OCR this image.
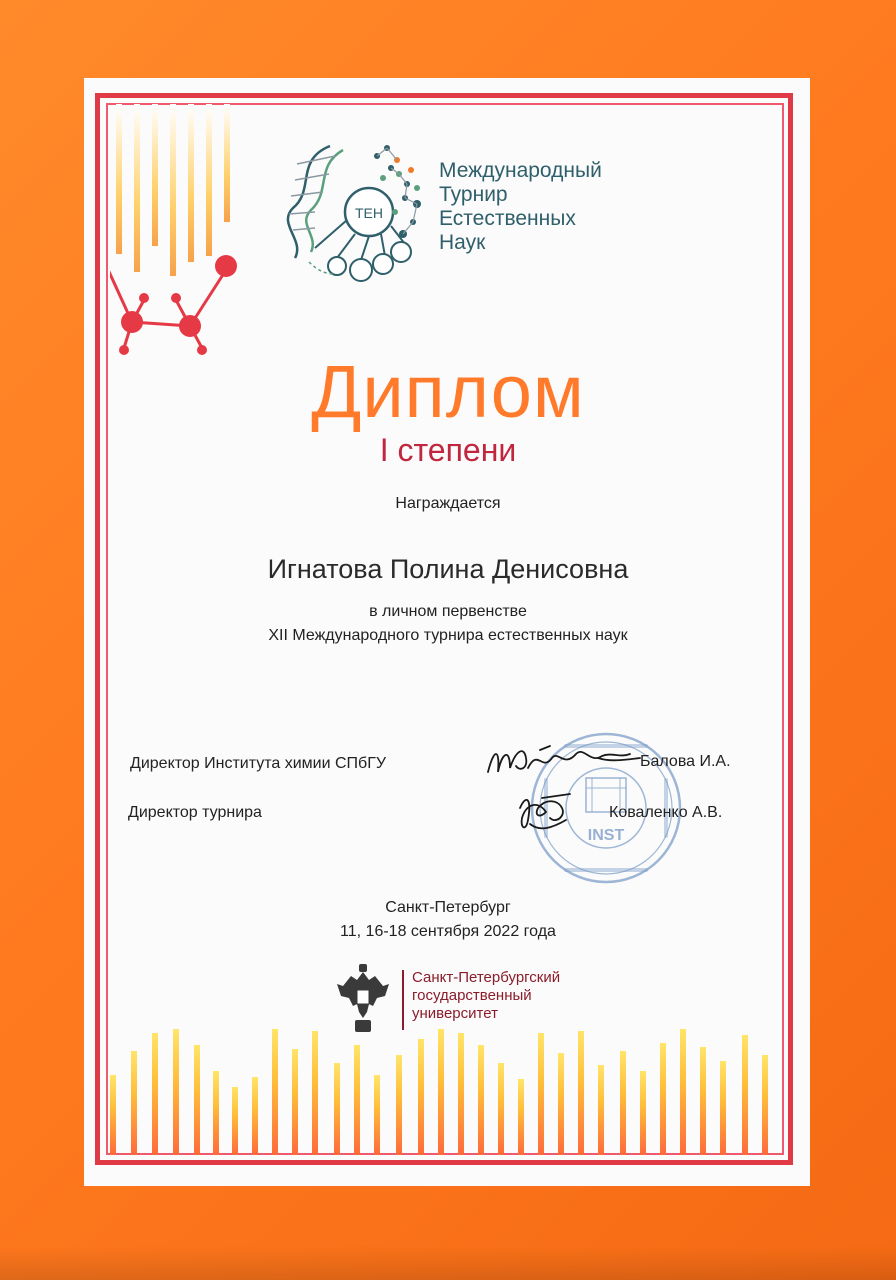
ТЕН
Международный
Турнир
Естественных
Наук
Диплом
I степени
Награждается
Игнатова Полина Денисовна
в личном первенстве
XII Международного турнира естественных наук
INST
Директор Института химии СПбГУ	Балова И.А.
Директор турнира	Коваленко А.В.
Санкт-Петербург
11, 16-18 сентября 2022 года
Санкт-Петербургский
государственный
университет
